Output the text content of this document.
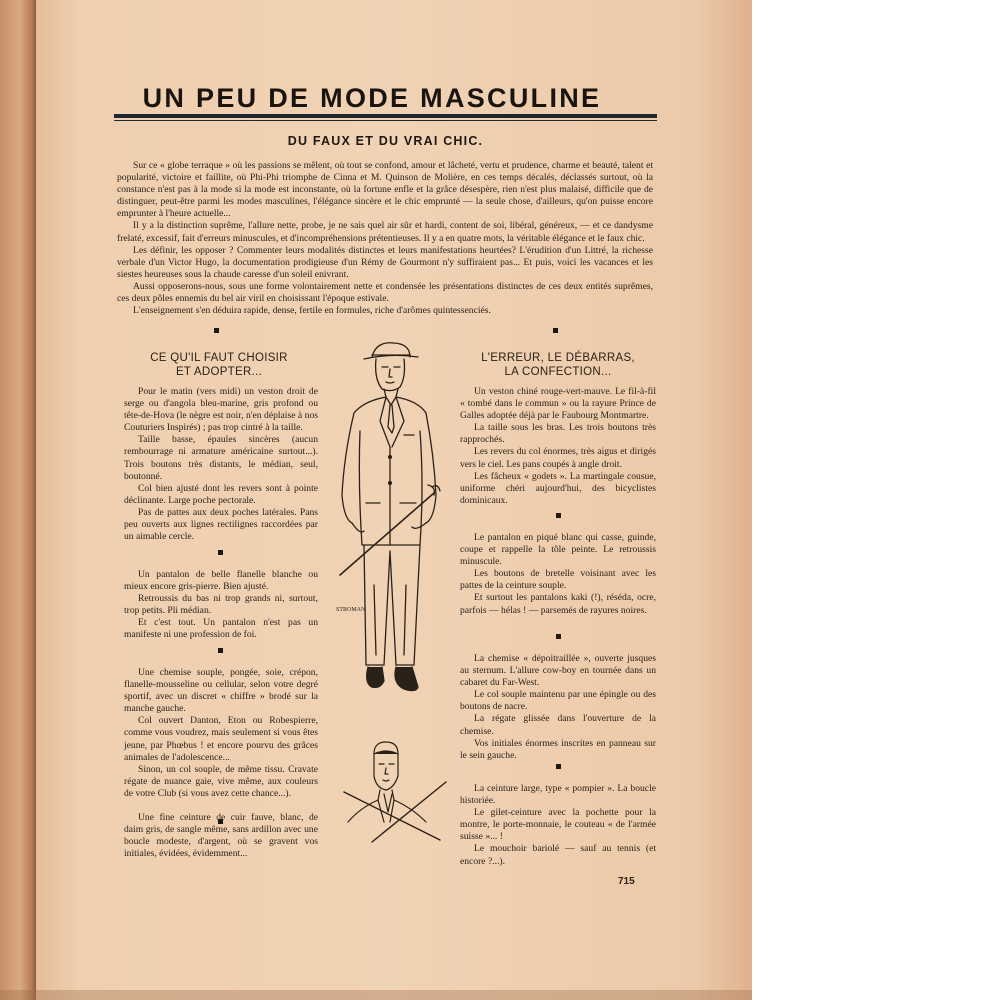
UN PEU DE MODE MASCULINE
DU FAUX ET DU VRAI CHIC.

Sur ce « globe terraque » où les passions se mêlent, où tout se confond, amour et lâcheté, vertu et prudence, charme et beauté, talent et popularité, victoire et faillite, où Phi-Phi triomphe de Cinna et M. Quinson de Molière, en ces temps décalés, déclassés surtout, où la constance n'est pas à la mode si la mode est inconstante, où la fortune enfle et la grâce désespère, rien n'est plus malaisé, difficile que de distinguer, peut-être parmi les modes masculines, l'élégance sincère et le chic emprunté — la seule chose, d'ailleurs, qu'on puisse encore emprunter à l'heure actuelle...

Il y a la distinction suprême, l'allure nette, probe, je ne sais quel air sûr et hardi, content de soi, libéral, généreux, — et ce dandysme frelaté, excessif, fait d'erreurs minuscules, et d'incompréhensions prétentieuses. Il y a en quatre mots, la véritable élégance et le faux chic.

Les définir, les opposer ? Commenter leurs modalités distinctes et leurs manifestations heurtées? L'érudition d'un Littré, la richesse verbale d'un Victor Hugo, la documentation prodigieuse d'un Rémy de Gourmont n'y suffiraient pas... Et puis, voici les vacances et les siestes heureuses sous la chaude caresse d'un soleil enivrant.

Aussi opposerons-nous, sous une forme volontairement nette et condensée les présentations distinctes de ces deux entités suprêmes, ces deux pôles ennemis du bel air viril en choisissant l'époque estivale.

L'enseignement s'en déduira rapide, dense, fertile en formules, riche d'arômes quintessenciés.

CE QU'IL FAUT CHOISIR
ET ADOPTER...

Pour le matin (vers midi) un veston droit de serge ou d'angola bleu-marine, gris profond ou tête-de-Hova (le nègre est noir, n'en déplaise à nos Couturiers Inspirés) ; pas trop cintré à la taille.

Taille basse, épaules sincères (aucun rembourrage ni armature américaine surtout...). Trois boutons très distants, le médian, seul, boutonné.

Col bien ajusté dont les revers sont à pointe déclinante. Large poche pectorale.

Pas de pattes aux deux poches latérales. Pans peu ouverts aux lignes rectilignes raccordées par un aimable cercle.

Un pantalon de belle flanelle blanche ou mieux encore gris-pierre. Bien ajusté.

Retroussis du bas ni trop grands ni, surtout, trop petits. Pli médian.

Et c'est tout. Un pantalon n'est pas un manifeste ni une profession de foi.

Une chemise souple, pongée, soie, crépon, flanelle-mousseline ou cellular, selon votre degré sportif, avec un discret « chiffre » brodé sur la manche gauche.

Col ouvert Danton, Eton ou Robespierre, comme vous voudrez, mais seulement si vous êtes jeune, par Phœbus ! et encore pourvu des grâces animales de l'adolescence...

Sinon, un col souple, de même tissu. Cravate régate de nuance gaie, vive même, aux couleurs de votre Club (si vous avez cette chance...).

Une fine ceinture de cuir fauve, blanc, de daim gris, de sangle même, sans ardillon avec une boucle modeste, d'argent, où se gravent vos initiales, évidées, évidemment...

L'ERREUR, LE DÉBARRAS,
LA CONFECTION...

Un veston chiné rouge-vert-mauve. Le fil-à-fil « tombé dans le commun » ou la rayure Prince de Galles adoptée déjà par le Faubourg Montmartre.

La taille sous les bras. Les trois boutons très rapprochés.

Les revers du col énormes, très aigus et dirigés vers le ciel. Les pans coupés à angle droit.

Les fâcheux « godets ». La martingale cousue, uniforme chéri aujourd'hui, des bicyclistes dominicaux.

Le pantalon en piqué blanc qui casse, guinde, coupe et rappelle la tôle peinte. Le retroussis minuscule.

Les boutons de bretelle voisinant avec les pattes de la ceinture souple.

Et surtout les pantalons kaki (!), réséda, ocre, parfois — hélas ! — parsemés de rayures noires.

La chemise « dépoitraillée », ouverte jusques au sternum. L'allure cow-boy en tournée dans un cabaret du Far-West.

Le col souple maintenu par une épingle ou des boutons de nacre.

La régate glissée dans l'ouverture de la chemise.

Vos initiales énormes inscrites en panneau sur le sein gauche.

La ceinture large, type « pompier ». La boucle historiée.

Le gilet-ceinture avec la pochette pour la montre, le porte-monnaie, le couteau « de l'armée suisse »... !

Le mouchoir bariolé — sauf au tennis (et encore ?...).

715
STROMAN
